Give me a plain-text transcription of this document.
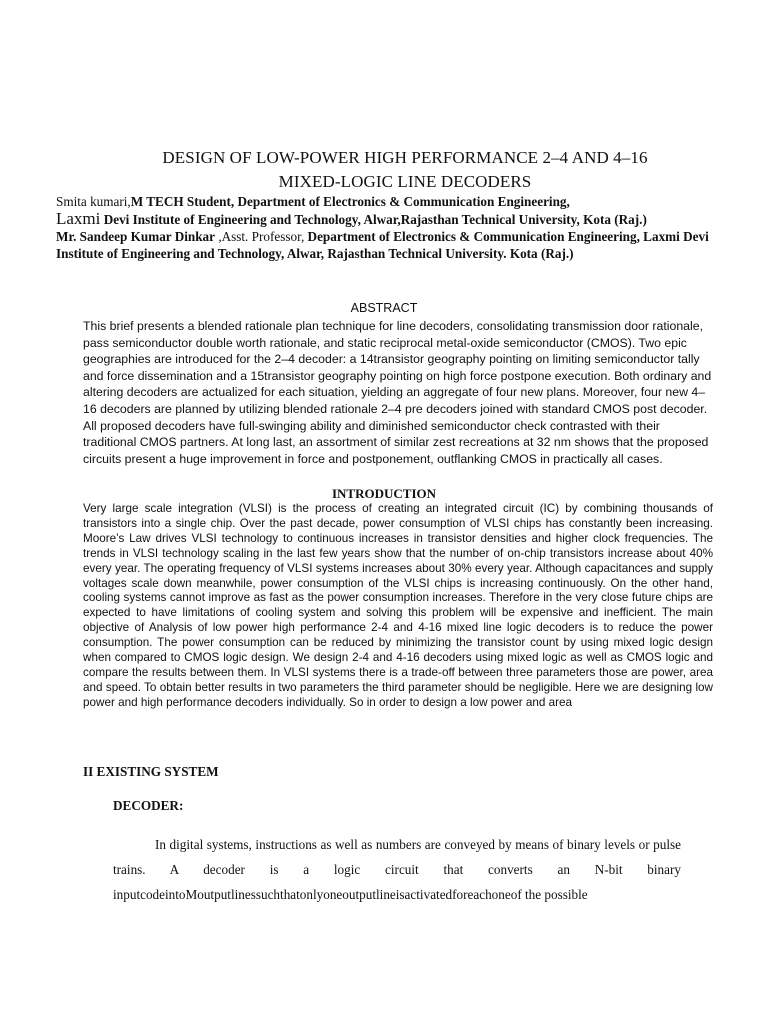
DESIGN OF LOW-POWER HIGH PERFORMANCE 2–4 AND 4–16
MIXED-LOGIC LINE DECODERS
Smita kumari,M TECH Student, Department of Electronics & Communication Engineering,
Laxmi Devi Institute of Engineering and Technology, Alwar,Rajasthan Technical University, Kota (Raj.)
Mr. Sandeep Kumar Dinkar ,Asst. Professor, Department of Electronics & Communication Engineering, Laxmi Devi Institute of Engineering and Technology, Alwar, Rajasthan Technical University. Kota (Raj.)
ABSTRACT
This brief presents a blended rationale plan technique for line decoders, consolidating transmission door rationale, pass semiconductor double worth rationale, and static reciprocal metal-oxide semiconductor (CMOS). Two epic geographies are introduced for the 2–4 decoder: a 14transistor geography pointing on limiting semiconductor tally and force dissemination and a 15transistor geography pointing on high force postpone execution. Both ordinary and altering decoders are actualized for each situation, yielding an aggregate of four new plans. Moreover, four new 4–16 decoders are planned by utilizing blended rationale 2–4 pre decoders joined with standard CMOS post decoder. All proposed decoders have full-swinging ability and diminished semiconductor check contrasted with their traditional CMOS partners. At long last, an assortment of similar zest recreations at 32 nm shows that the proposed circuits present a huge improvement in force and postponement, outflanking CMOS in practically all cases.
INTRODUCTION
Very large scale integration (VLSI) is the process of creating an integrated circuit (IC) by combining thousands of transistors into a single chip. Over the past decade, power consumption of VLSI chips has constantly been increasing. Moore’s Law drives VLSI technology to continuous increases in transistor densities and higher clock frequencies. The trends in VLSI technology scaling in the last few years show that the number of on-chip transistors increase about 40% every year. The operating frequency of VLSI systems increases about 30% every year. Although capacitances and supply voltages scale down meanwhile, power consumption of the VLSI chips is increasing continuously. On the other hand, cooling systems cannot improve as fast as the power consumption increases. Therefore in the very close future chips are expected to have limitations of cooling system and solving this problem will be expensive and inefficient. The main objective of Analysis of low power high performance 2-4 and 4-16 mixed line logic decoders is to reduce the power consumption. The power consumption can be reduced by minimizing the transistor count by using mixed logic design when compared to CMOS logic design. We design 2-4 and 4-16 decoders using mixed logic as well as CMOS logic and compare the results between them. In VLSI systems there is a trade-off between three parameters those are power, area and speed. To obtain better results in two parameters the third parameter should be negligible. Here we are designing low power and high performance decoders individually. So in order to design a low power and area
II EXISTING SYSTEM
DECODER:
In digital systems, instructions as well as numbers are conveyed by means of binary levels or pulse trains. A decoder is a logic circuit that converts an N-bit binary inputcodeintoMoutputlinessuchthatonlyoneoutputlineisactivatedforeachoneof the possible
